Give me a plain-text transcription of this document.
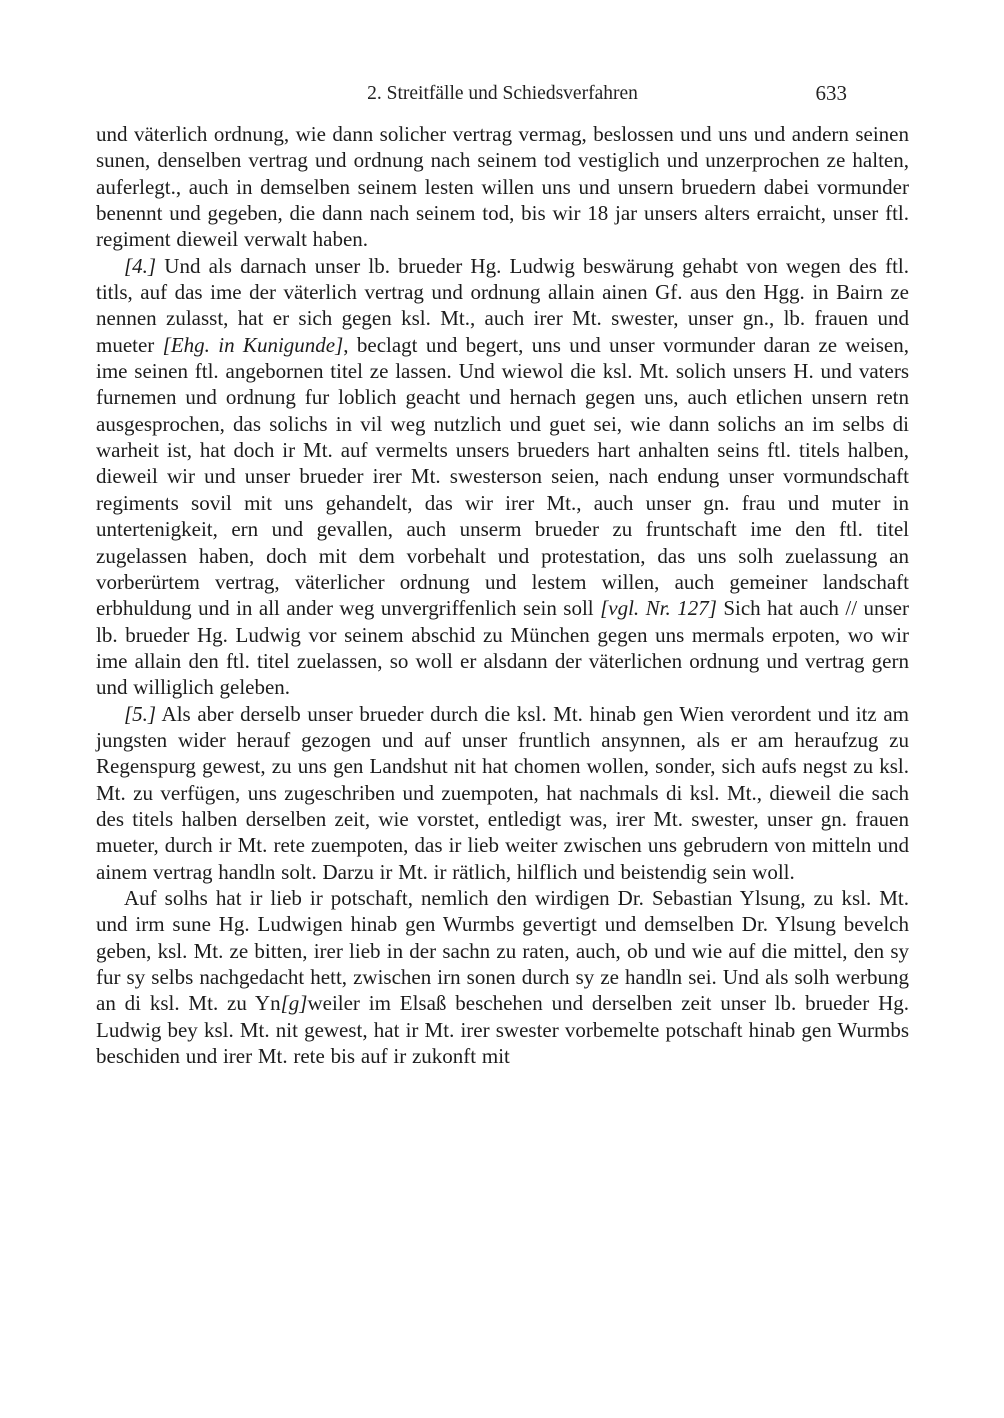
2. Streitfälle und Schiedsverfahren	633

und väterlich ordnung, wie dann solicher vertrag vermag, beslossen und uns und andern seinen sunen, denselben vertrag und ordnung nach seinem tod vestiglich und unzerprochen ze halten, auferlegt., auch in demselben seinem lesten willen uns und unsern bruedern dabei vormunder benennt und gegeben, die dann nach seinem tod, bis wir 18 jar unsers alters erraicht, unser ftl. regiment dieweil verwalt haben.

[4.] Und als darnach unser lb. brueder Hg. Ludwig beswärung gehabt von wegen des ftl. titls, auf das ime der väterlich vertrag und ordnung allain ainen Gf. aus den Hgg. in Bairn ze nennen zulasst, hat er sich gegen ksl. Mt., auch irer Mt. swester, unser gn., lb. frauen und mueter [Ehg. in Kunigunde], beclagt und begert, uns und unser vormunder daran ze weisen, ime seinen ftl. angebornen titel ze lassen. Und wiewol die ksl. Mt. solich unsers H. und vaters furnemen und ordnung fur loblich geacht und hernach gegen uns, auch etlichen unsern retn ausgesprochen, das solichs in vil weg nutzlich und guet sei, wie dann solichs an im selbs di warheit ist, hat doch ir Mt. auf vermelts unsers brueders hart anhalten seins ftl. titels halben, dieweil wir und unser brueder irer Mt. swesterson seien, nach endung unser vormundschaft regiments sovil mit uns gehandelt, das wir irer Mt., auch unser gn. frau und muter in untertenigkeit, ern und gevallen, auch unserm brueder zu fruntschaft ime den ftl. titel zugelassen haben, doch mit dem vorbehalt und protestation, das uns solh zuelassung an vorberürtem vertrag, väterlicher ordnung und lestem willen, auch gemeiner landschaft erbhuldung und in all ander weg unvergriffenlich sein soll [vgl. Nr. 127] Sich hat auch // unser lb. brueder Hg. Ludwig vor seinem abschid zu München gegen uns mermals erpoten, wo wir ime allain den ftl. titel zuelassen, so woll er alsdann der väterlichen ordnung und vertrag gern und williglich geleben.

[5.] Als aber derselb unser brueder durch die ksl. Mt. hinab gen Wien verordent und itz am jungsten wider herauf gezogen und auf unser fruntlich ansynnen, als er am heraufzug zu Regenspurg gewest, zu uns gen Landshut nit hat chomen wollen, sonder, sich aufs negst zu ksl. Mt. zu verfügen, uns zugeschriben und zuempoten, hat nachmals di ksl. Mt., dieweil die sach des titels halben derselben zeit, wie vorstet, entledigt was, irer Mt. swester, unser gn. frauen mueter, durch ir Mt. rete zuempoten, das ir lieb weiter zwischen uns gebrudern von mitteln und ainem vertrag handln solt. Darzu ir Mt. ir rätlich, hilflich und beistendig sein woll.

Auf solhs hat ir lieb ir potschaft, nemlich den wirdigen Dr. Sebastian Ylsung, zu ksl. Mt. und irm sune Hg. Ludwigen hinab gen Wurmbs gevertigt und demselben Dr. Ylsung bevelch geben, ksl. Mt. ze bitten, irer lieb in der sachn zu raten, auch, ob und wie auf die mittel, den sy fur sy selbs nachgedacht hett, zwischen irn sonen durch sy ze handln sei. Und als solh werbung an di ksl. Mt. zu Yn[g]weiler im Elsaß beschehen und derselben zeit unser lb. brueder Hg. Ludwig bey ksl. Mt. nit gewest, hat ir Mt. irer swester vorbemelte potschaft hinab gen Wurmbs beschiden und irer Mt. rete bis auf ir zukonft mit
